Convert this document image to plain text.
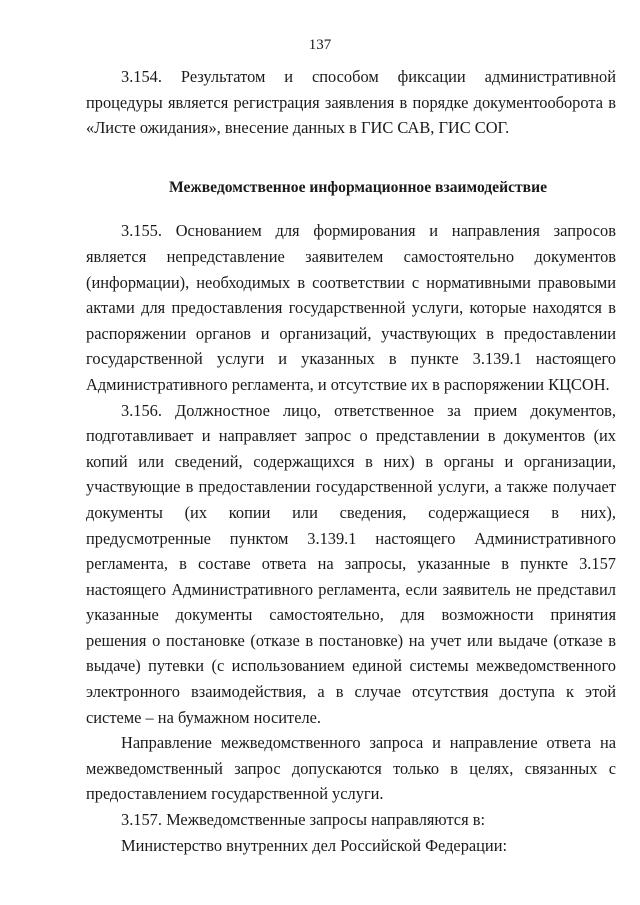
137

3.154. Результатом и способом фиксации административной процедуры является регистрация заявления в порядке документооборота в «Листе ожидания», внесение данных в ГИС САВ, ГИС СОГ.

Межведомственное информационное взаимодействие

3.155. Основанием для формирования и направления запросов является непредставление заявителем самостоятельно документов (информации), необходимых в соответствии с нормативными правовыми актами для предоставления государственной услуги, которые находятся в распоряжении органов и организаций, участвующих в предоставлении государственной услуги и указанных в пункте 3.139.1 настоящего Административного регламента, и отсутствие их в распоряжении КЦСОН.

3.156. Должностное лицо, ответственное за прием документов, подготавливает и направляет запрос о представлении в документов (их копий или сведений, содержащихся в них) в органы и организации, участвующие в предоставлении государственной услуги, а также получает документы (их копии или сведения, содержащиеся в них), предусмотренные пунктом 3.139.1 настоящего Административного регламента, в составе ответа на запросы, указанные в пункте 3.157 настоящего Административного регламента, если заявитель не представил указанные документы самостоятельно, для возможности принятия решения о постановке (отказе в постановке) на учет или выдаче (отказе в выдаче) путевки (с использованием единой системы межведомственного электронного взаимодействия, а в случае отсутствия доступа к этой системе – на бумажном носителе.

Направление межведомственного запроса и направление ответа на межведомственный запрос допускаются только в целях, связанных с предоставлением государственной услуги.

3.157. Межведомственные запросы направляются в:

Министерство внутренних дел Российской Федерации:
